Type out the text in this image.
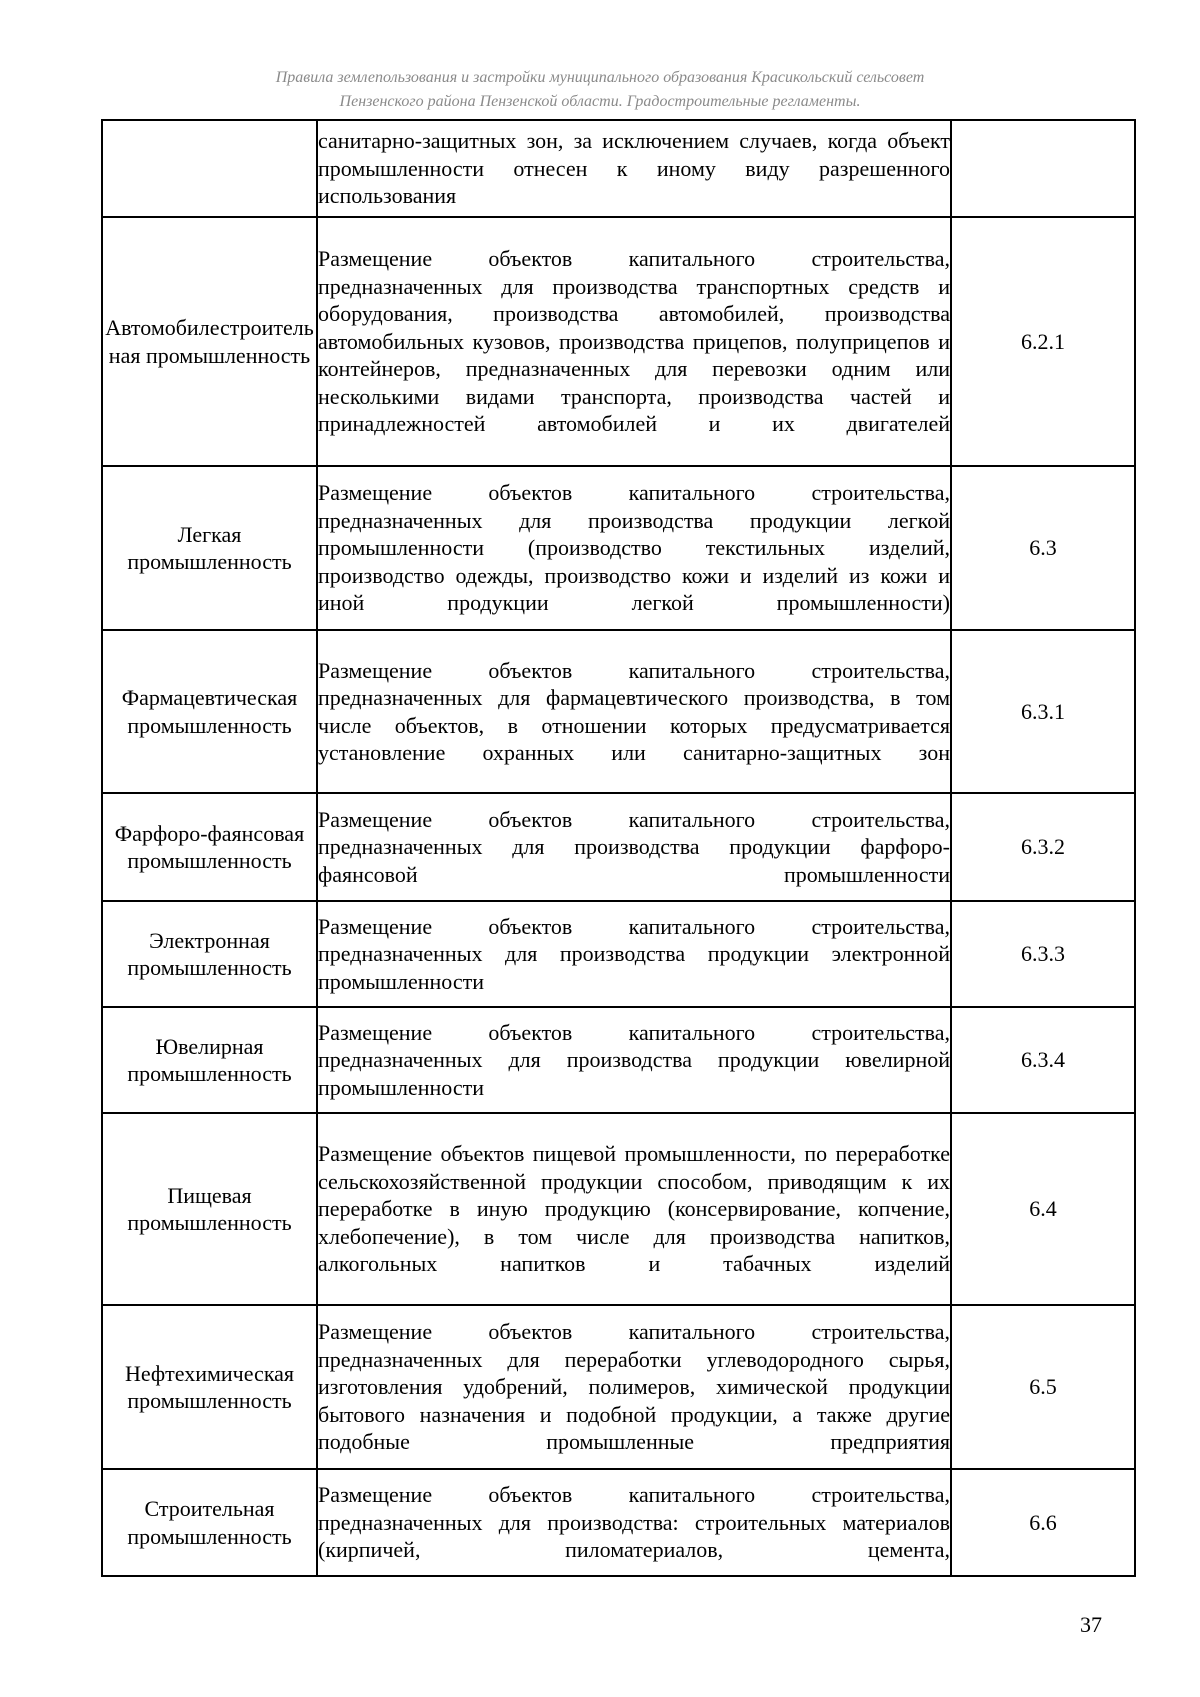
Правила землепользования и застройки муниципального образования Красикольский сельсовет
Пензенского района Пензенской области. Градостроительные регламенты.
	санитарно-защитных зон, за исключением случаев, когда объект промышленности отнесен к иному виду разрешенного использования	
Автомобилестроительная промышленность	Размещение объектов капитального строительства, предназначенных для производства транспортных средств и оборудования, производства автомобилей, производства автомобильных кузовов, производства прицепов, полуприцепов и контейнеров, предназначенных для перевозки одним или несколькими видами транспорта, производства частей и принадлежностей автомобилей и их двигателей	6.2.1
Легкая промышленность	Размещение объектов капитального строительства, предназначенных для производства продукции легкой промышленности (производство текстильных изделий, производство одежды, производство кожи и изделий из кожи и иной продукции легкой промышленности)	6.3
Фармацевтическая промышленность	Размещение объектов капитального строительства, предназначенных для фармацевтического производства, в том числе объектов, в отношении которых предусматривается установление охранных или санитарно-защитных зон	6.3.1
Фарфоро-фаянсовая промышленность	Размещение объектов капитального строительства, предназначенных для производства продукции фарфоро-фаянсовой промышленности	6.3.2
Электронная промышленность	Размещение объектов капитального строительства, предназначенных для производства продукции электронной промышленности	6.3.3
Ювелирная промышленность	Размещение объектов капитального строительства, предназначенных для производства продукции ювелирной промышленности	6.3.4
Пищевая промышленность	Размещение объектов пищевой промышленности, по переработке сельскохозяйственной продукции способом, приводящим к их переработке в иную продукцию (консервирование, копчение, хлебопечение), в том числе для производства напитков, алкогольных напитков и табачных изделий	6.4
Нефтехимическая промышленность	Размещение объектов капитального строительства, предназначенных для переработки углеводородного сырья, изготовления удобрений, полимеров, химической продукции бытового назначения и подобной продукции, а также другие подобные промышленные предприятия	6.5
Строительная промышленность	Размещение объектов капитального строительства, предназначенных для производства: строительных материалов (кирпичей, пиломатериалов, цемента,	6.6
37
